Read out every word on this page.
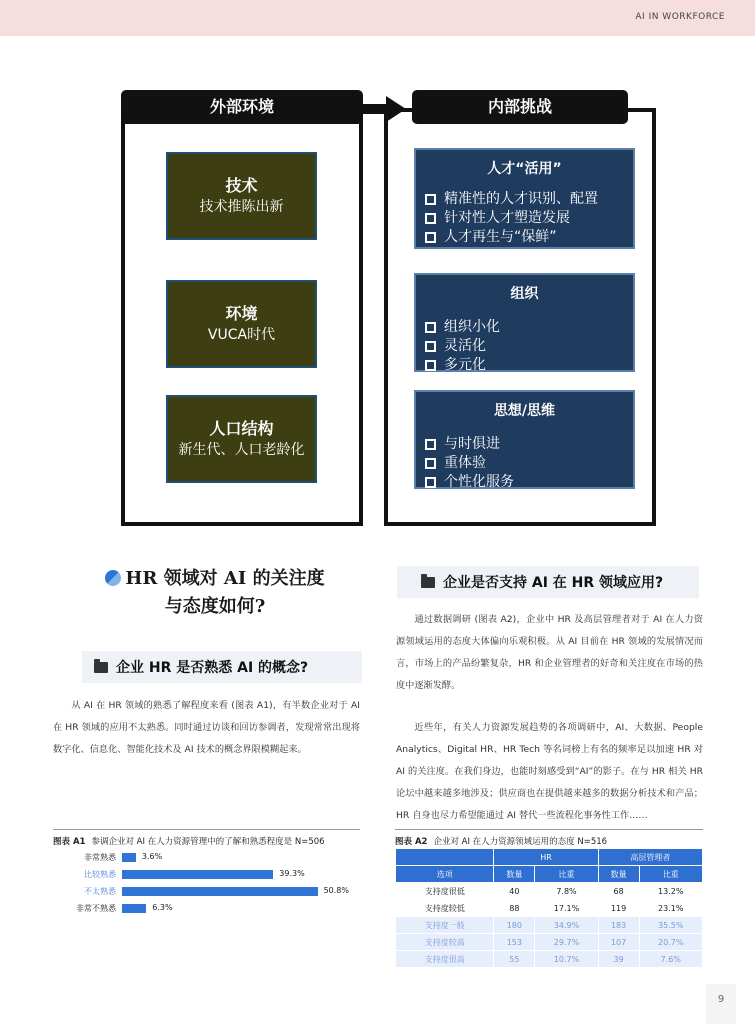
AI IN WORKFORCE
外部环境	内部挑战
技术
技术推陈出新
环境
VUCA时代
人口结构
新生代、人口老龄化
人才“活用”
精准性的人才识别、配置
针对性人才塑造发展
人才再生与“保鲜”
组织
组织小化
灵活化
多元化
思想/思维
与时俱进
重体验
个性化服务
HR 领域对 AI 的关注度
与态度如何?
企业 HR 是否熟悉 AI 的概念?
从 AI 在 HR 领域的熟悉了解程度来看 (图表 A1)，有半数企业对于 AI 在 HR 领域的应用不太熟悉。同时通过访谈和回访参调者，发现常常出现将数字化、信息化、智能化技术及 AI 技术的概念界限模糊起来。
企业是否支持 AI 在 HR 领域应用?
通过数据调研 (图表 A2)，企业中 HR 及高层管理者对于 AI 在人力资源领域运用的态度大体偏向乐观积极。从 AI 目前在 HR 领域的发展情况而言，市场上的产品纷繁复杂，HR 和企业管理者的好奇和关注度在市场的热度中逐渐发酵。
近些年，有关人力资源发展趋势的各项调研中，AI、大数据、People Analytics、Digital HR、HR Tech 等名词榜上有名的频率足以加速 HR 对 AI 的关注度。在我们身边，也能时刻感受到“AI”的影子。在与 HR 相关 HR 论坛中越来越多地涉及；供应商也在提供越来越多的数据分析技术和产品；HR 自身也尽力希望能通过 AI 替代一些流程化事务性工作……
图表 A1 参调企业对 AI 在人力资源管理中的了解和熟悉程度是 N=506
非常熟悉	3.6%
比较熟悉	39.3%
不太熟悉	50.8%
非常不熟悉	6.3%
图表 A2 企业对 AI 在人力资源领域运用的态度 N=516
	HR		高层管理者	
选项	数量	比重	数量	比重
支持度很低	40	7.8%	68	13.2%
支持度较低	88	17.1%	119	23.1%
支持度一般	180	34.9%	183	35.5%
支持度较高	153	29.7%	107	20.7%
支持度很高	55	10.7%	39	7.6%
9
